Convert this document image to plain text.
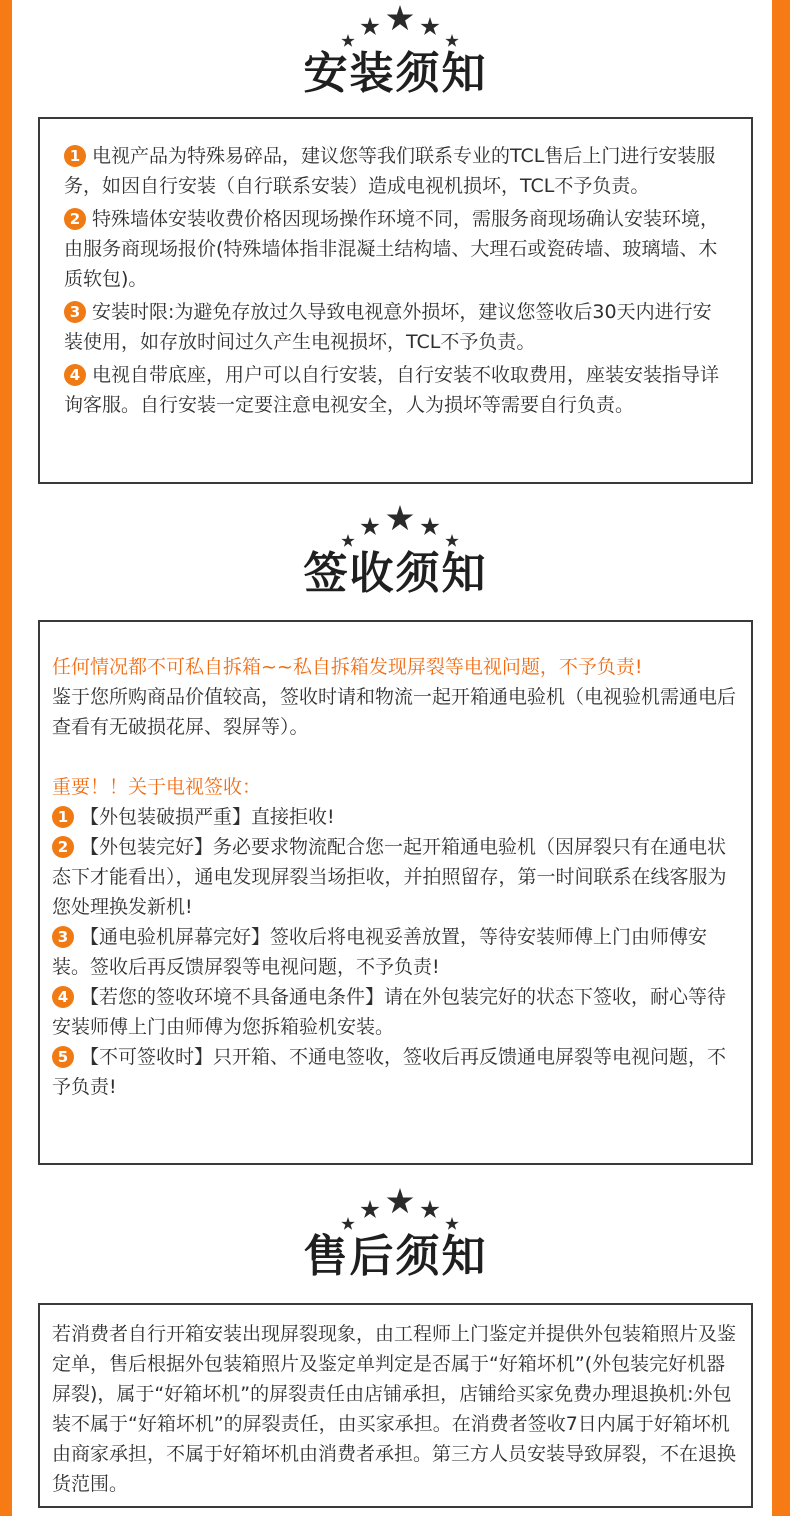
安装须知

1 电视产品为特殊易碎品，建议您等我们联系专业的TCL售后上门进行安装服务，如因自行安装（自行联系安装）造成电视机损坏，TCL不予负责。

2 特殊墙体安装收费价格因现场操作环境不同，需服务商现场确认安装环境，由服务商现场报价(特殊墙体指非混凝土结构墙、大理石或瓷砖墙、玻璃墙、木质软包)。

3 安装时限:为避免存放过久导致电视意外损坏，建议您签收后30天内进行安装使用，如存放时间过久产生电视损坏，TCL不予负责。

4 电视自带底座，用户可以自行安装，自行安装不收取费用，座装安装指导详询客服。自行安装一定要注意电视安全，人为损坏等需要自行负责。

签收须知

任何情况都不可私自拆箱~~私自拆箱发现屏裂等电视问题，不予负责!

鉴于您所购商品价值较高，签收时请和物流一起开箱通电验机（电视验机需通电后查看有无破损花屏、裂屏等）。

重要！！关于电视签收：

1 【外包装破损严重】直接拒收!

2 【外包装完好】务必要求物流配合您一起开箱通电验机（因屏裂只有在通电状态下才能看出），通电发现屏裂当场拒收，并拍照留存，第一时间联系在线客服为您处理换发新机!

3 【通电验机屏幕完好】签收后将电视妥善放置，等待安装师傅上门由师傅安装。签收后再反馈屏裂等电视问题，不予负责!

4 【若您的签收环境不具备通电条件】请在外包装完好的状态下签收，耐心等待安装师傅上门由师傅为您拆箱验机安装。

5 【不可签收时】只开箱、不通电签收，签收后再反馈通电屏裂等电视问题，不予负责!

售后须知

若消费者自行开箱安装出现屏裂现象，由工程师上门鉴定并提供外包装箱照片及鉴定单，售后根据外包装箱照片及鉴定单判定是否属于“好箱坏机”(外包装完好机器屏裂)，属于“好箱坏机”的屏裂责任由店铺承担，店铺给买家免费办理退换机:外包装不属于“好箱坏机”的屏裂责任，由买家承担。在消费者签收7日内属于好箱坏机由商家承担，不属于好箱坏机由消费者承担。第三方人员安装导致屏裂，不在退换货范围。
